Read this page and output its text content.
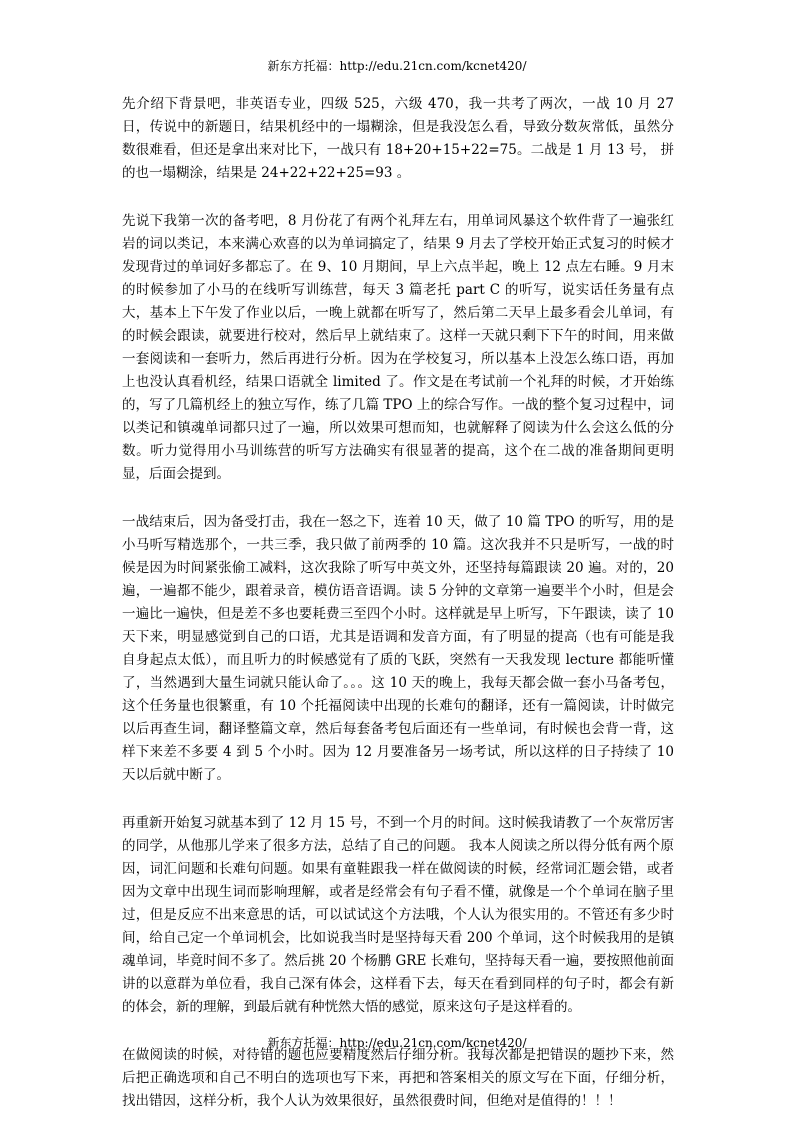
新东方托福：http://edu.21cn.com/kcnet420/

先介绍下背景吧，非英语专业，四级 525，六级 470，我一共考了两次，一战 10 月 27 日，传说中的新题日，结果机经中的一塌糊涂，但是我没怎么看，导致分数灰常低，虽然分数很难看，但还是拿出来对比下，一战只有 18+20+15+22=75。二战是 1 月 13 号， 拼的也一塌糊涂，结果是 24+22+22+25=93 。

先说下我第一次的备考吧，8 月份花了有两个礼拜左右，用单词风暴这个软件背了一遍张红岩的词以类记，本来满心欢喜的以为单词搞定了，结果 9 月去了学校开始正式复习的时候才发现背过的单词好多都忘了。在 9、10 月期间，早上六点半起，晚上 12 点左右睡。9 月末的时候参加了小马的在线听写训练营，每天 3 篇老托 part C 的听写，说实话任务量有点大，基本上下午发了作业以后，一晚上就都在听写了，然后第二天早上最多看会儿单词，有的时候会跟读，就要进行校对，然后早上就结束了。这样一天就只剩下下午的时间，用来做一套阅读和一套听力，然后再进行分析。因为在学校复习，所以基本上没怎么练口语，再加上也没认真看机经，结果口语就全 limited 了。作文是在考试前一个礼拜的时候，才开始练的，写了几篇机经上的独立写作，练了几篇 TPO 上的综合写作。一战的整个复习过程中，词以类记和镇魂单词都只过了一遍，所以效果可想而知，也就解释了阅读为什么会这么低的分数。听力觉得用小马训练营的听写方法确实有很显著的提高，这个在二战的准备期间更明显，后面会提到。

一战结束后，因为备受打击，我在一怒之下，连着 10 天，做了 10 篇 TPO 的听写，用的是小马听写精选那个，一共三季，我只做了前两季的 10 篇。这次我并不只是听写，一战的时候是因为时间紧张偷工减料，这次我除了听写中英文外，还坚持每篇跟读 20 遍。对的，20 遍，一遍都不能少，跟着录音，模仿语音语调。读 5 分钟的文章第一遍要半个小时，但是会一遍比一遍快，但是差不多也要耗费三至四个小时。这样就是早上听写，下午跟读，读了 10 天下来，明显感觉到自己的口语，尤其是语调和发音方面，有了明显的提高（也有可能是我自身起点太低），而且听力的时候感觉有了质的飞跃，突然有一天我发现 lecture 都能听懂了，当然遇到大量生词就只能认命了。。。这 10 天的晚上，我每天都会做一套小马备考包，这个任务量也很繁重，有 10 个托福阅读中出现的长难句的翻译，还有一篇阅读，计时做完以后再查生词，翻译整篇文章，然后每套备考包后面还有一些单词，有时候也会背一背，这样下来差不多要 4 到 5 个小时。因为 12 月要准备另一场考试，所以这样的日子持续了 10 天以后就中断了。

再重新开始复习就基本到了 12 月 15 号，不到一个月的时间。这时候我请教了一个灰常厉害的同学，从他那儿学来了很多方法，总结了自己的问题。 我本人阅读之所以得分低有两个原因，词汇问题和长难句问题。如果有童鞋跟我一样在做阅读的时候，经常词汇题会错，或者因为文章中出现生词而影响理解，或者是经常会有句子看不懂，就像是一个个单词在脑子里过，但是反应不出来意思的话，可以试试这个方法哦，个人认为很实用的。不管还有多少时间，给自己定一个单词机会，比如说我当时是坚持每天看 200 个单词，这个时候我用的是镇魂单词，毕竟时间不多了。然后挑 20 个杨鹏 GRE 长难句，坚持每天看一遍，要按照他前面讲的以意群为单位看，我自己深有体会，这样看下去，每天在看到同样的句子时，都会有新的体会，新的理解，到最后就有种恍然大悟的感觉，原来这句子是这样看的。

在做阅读的时候，对待错的题也应要精度然后仔细分析。我每次都是把错误的题抄下来，然后把正确选项和自己不明白的选项也写下来，再把和答案相关的原文写在下面，仔细分析，找出错因，这样分析，我个人认为效果很好，虽然很费时间，但绝对是值得的！！！

新东方托福：http://edu.21cn.com/kcnet420/
